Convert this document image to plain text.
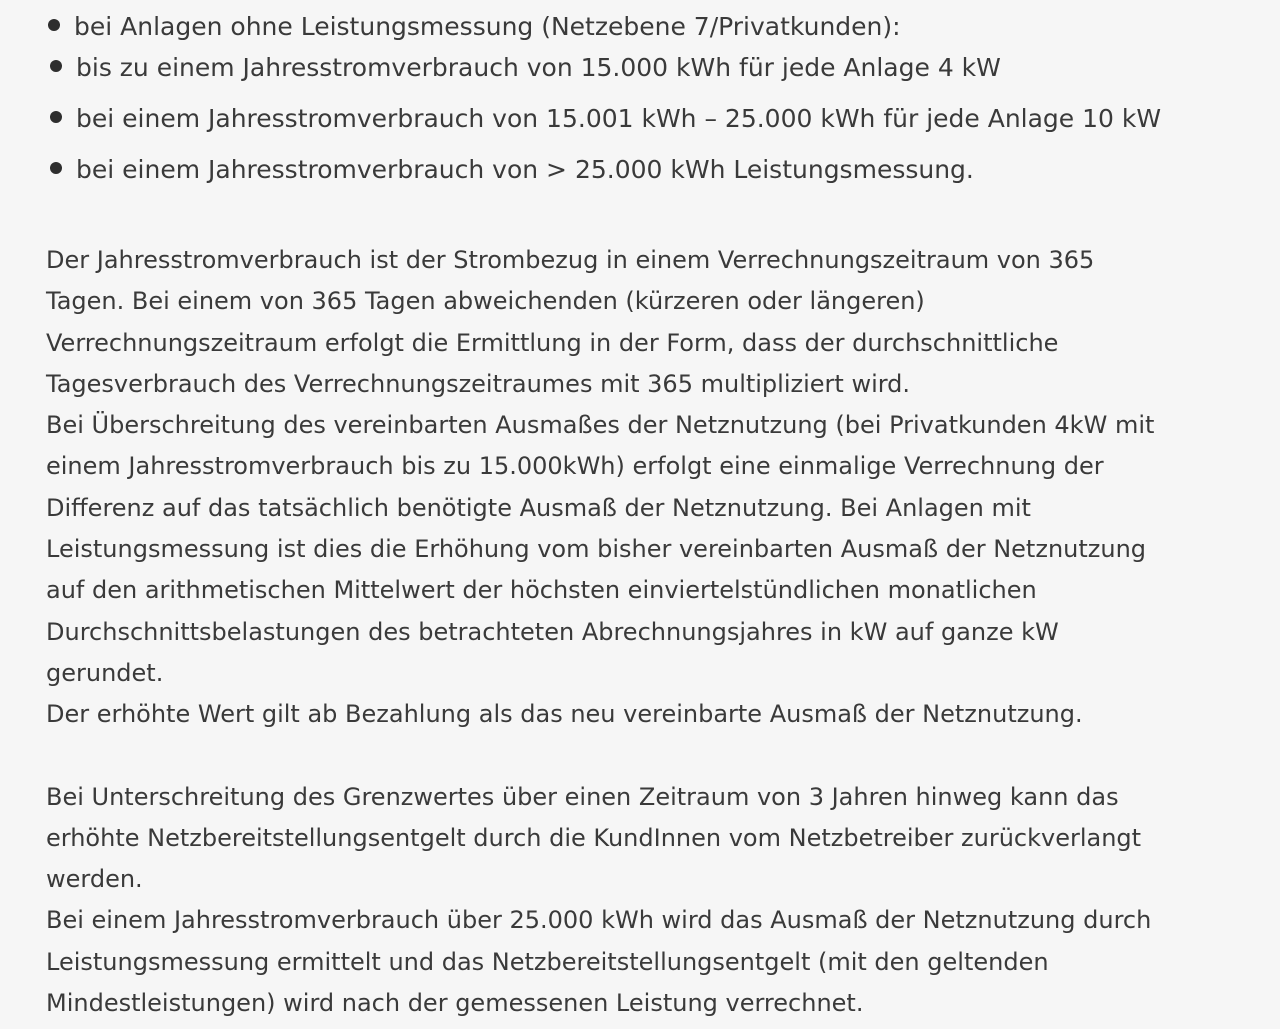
bei Anlagen ohne Leistungsmessung (Netzebene 7/Privatkunden):
bis zu einem Jahresstromverbrauch von 15.000 kWh für jede Anlage 4 kW
bei einem Jahresstromverbrauch von 15.001 kWh – 25.000 kWh für jede Anlage 10 kW
bei einem Jahresstromverbrauch von > 25.000 kWh Leistungsmessung.

Der Jahresstromverbrauch ist der Strombezug in einem Verrechnungszeitraum von 365
Tagen. Bei einem von 365 Tagen abweichenden (kürzeren oder längeren)
Verrechnungszeitraum erfolgt die Ermittlung in der Form, dass der durchschnittliche
Tagesverbrauch des Verrechnungszeitraumes mit 365 multipliziert wird.

Bei Überschreitung des vereinbarten Ausmaßes der Netznutzung (bei Privatkunden 4kW mit
einem Jahresstromverbrauch bis zu 15.000kWh) erfolgt eine einmalige Verrechnung der
Differenz auf das tatsächlich benötigte Ausmaß der Netznutzung. Bei Anlagen mit
Leistungsmessung ist dies die Erhöhung vom bisher vereinbarten Ausmaß der Netznutzung
auf den arithmetischen Mittelwert der höchsten einviertelstündlichen monatlichen
Durchschnittsbelastungen des betrachteten Abrechnungsjahres in kW auf ganze kW
gerundet.

Der erhöhte Wert gilt ab Bezahlung als das neu vereinbarte Ausmaß der Netznutzung.

Bei Unterschreitung des Grenzwertes über einen Zeitraum von 3 Jahren hinweg kann das
erhöhte Netzbereitstellungsentgelt durch die KundInnen vom Netzbetreiber zurückverlangt
werden.

Bei einem Jahresstromverbrauch über 25.000 kWh wird das Ausmaß der Netznutzung durch
Leistungsmessung ermittelt und das Netzbereitstellungsentgelt (mit den geltenden
Mindestleistungen) wird nach der gemessenen Leistung verrechnet.
